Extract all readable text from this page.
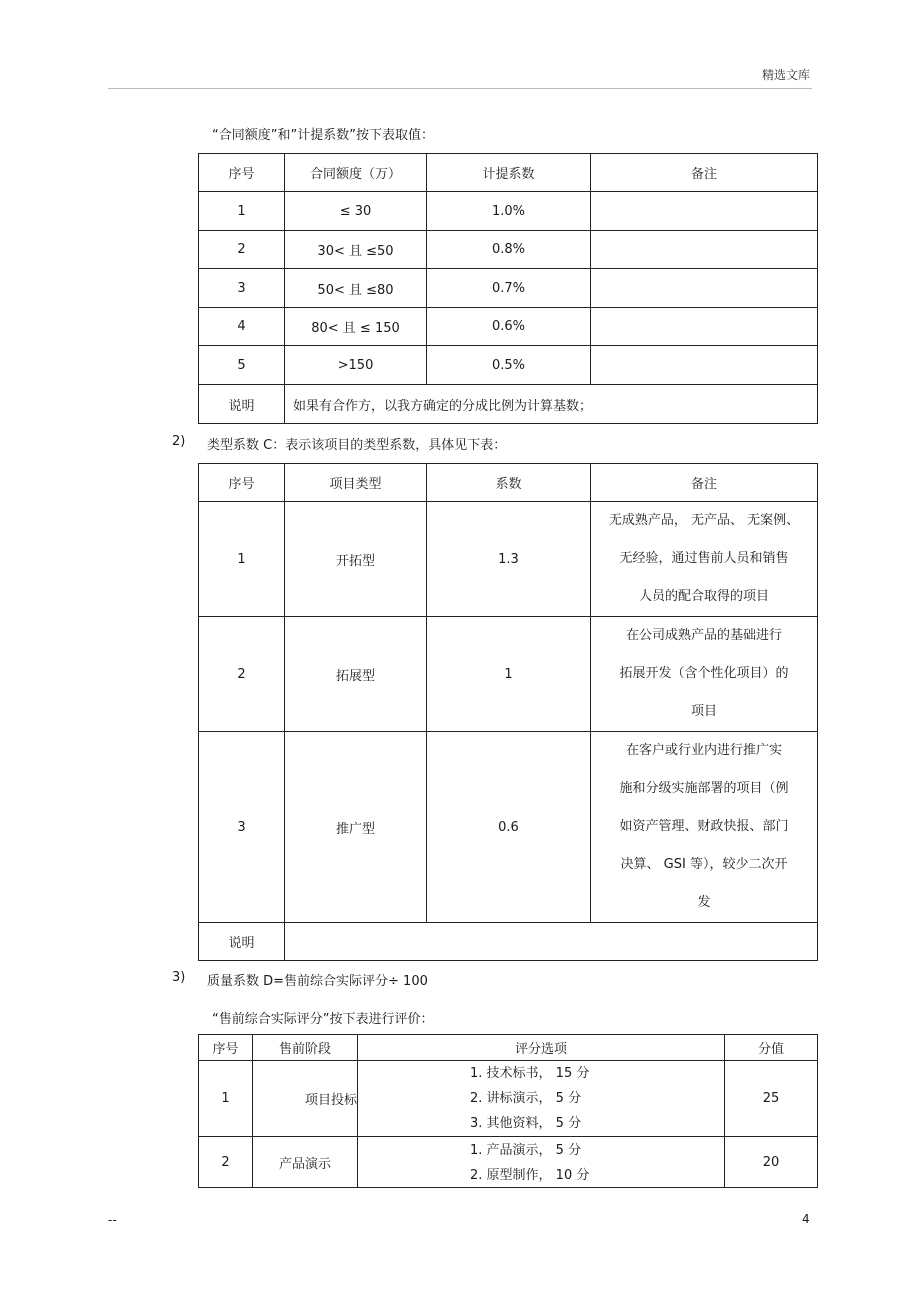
精选文库
“合同额度”和”计提系数”按下表取值：
序号	合同额度（万）	计提系数	备注
1	≤ 30	1.0%	
2	30< 且 ≤50	0.8%	
3	50< 且 ≤80	0.7%	
4	80< 且 ≤ 150	0.6%	
5	>150	0.5%	
说明	如果有合作方，以我方确定的分成比例为计算基数；		
2) 类型系数 C：表示该项目的类型系数，具体见下表：
序号	项目类型	系数	备注
1	开拓型	1.3	无成熟产品， 无产品、 无案例、
无经验，通过售前人员和销售
人员的配合取得的项目

2	拓展型	1	在公司成熟产品的基础进行
拓展开发（含个性化项目）的
项目

3	推广型	0.6	在客户或行业内进行推广实
施和分级实施部署的项目（例
如资产管理、财政快报、部门
决算、 GSI 等），较少二次开
发

说明			
3) 质量系数 D=售前综合实际评分÷ 100
“售前综合实际评分”按下表进行评价：
序号	售前阶段	评分选项	分值
1	项目投标	1. 技术标书， 15 分
2. 讲标演示， 5 分
3. 其他资料， 5 分	25
2	产品演示	1. 产品演示， 5 分
2. 原型制作， 10 分	20
--	4
